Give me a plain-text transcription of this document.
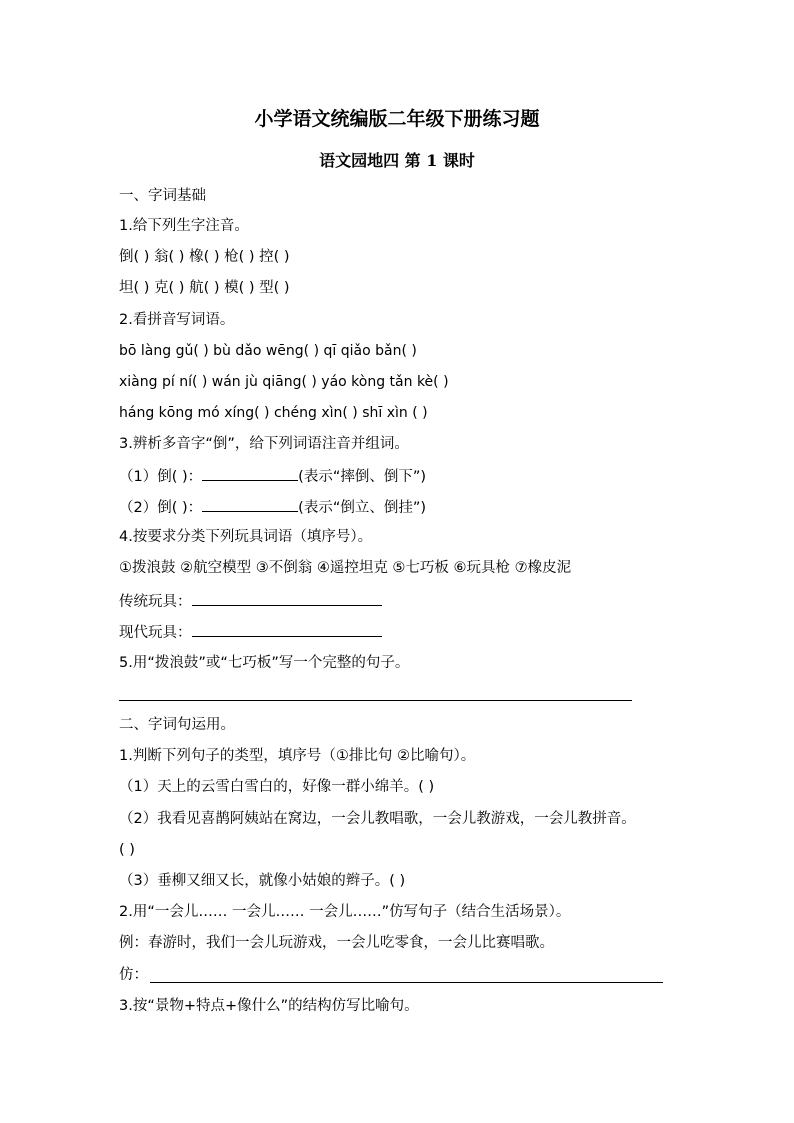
小学语文统编版二年级下册练习题
语文园地四 第 1 课时
一、字词基础
1.给下列生字注音。
倒( ) 翁( ) 橡( ) 枪( ) 控( )
坦( ) 克( ) 航( ) 模( ) 型( )
2.看拼音写词语。
bō làng gǔ( ) bù dǎo wēng( ) qī qiǎo bǎn( )
xiàng pí ní( ) wán jù qiāng( ) yáo kòng tǎn kè( )
háng kōng mó xíng( ) chéng xìn( ) shī xìn ( )
3.辨析多音字“倒”，给下列词语注音并组词。
（1）倒( )：	(表示“摔倒、倒下”)
（2）倒( )：	(表示“倒立、倒挂”)
4.按要求分类下列玩具词语（填序号）。
①拨浪鼓 ②航空模型 ③不倒翁 ④遥控坦克 ⑤七巧板 ⑥玩具枪 ⑦橡皮泥
传统玩具：
现代玩具：
5.用“拨浪鼓”或“七巧板”写一个完整的句子。
二、字词句运用。
1.判断下列句子的类型，填序号（①排比句 ②比喻句）。
（1）天上的云雪白雪白的，好像一群小绵羊。( )
（2）我看见喜鹊阿姨站在窝边，一会儿教唱歌，一会儿教游戏，一会儿教拼音。
( )
（3）垂柳又细又长，就像小姑娘的辫子。( )
2.用“一会儿…… 一会儿…… 一会儿……”仿写句子（结合生活场景）。
例：春游时，我们一会儿玩游戏，一会儿吃零食，一会儿比赛唱歌。
仿：
3.按“景物+特点+像什么”的结构仿写比喻句。
